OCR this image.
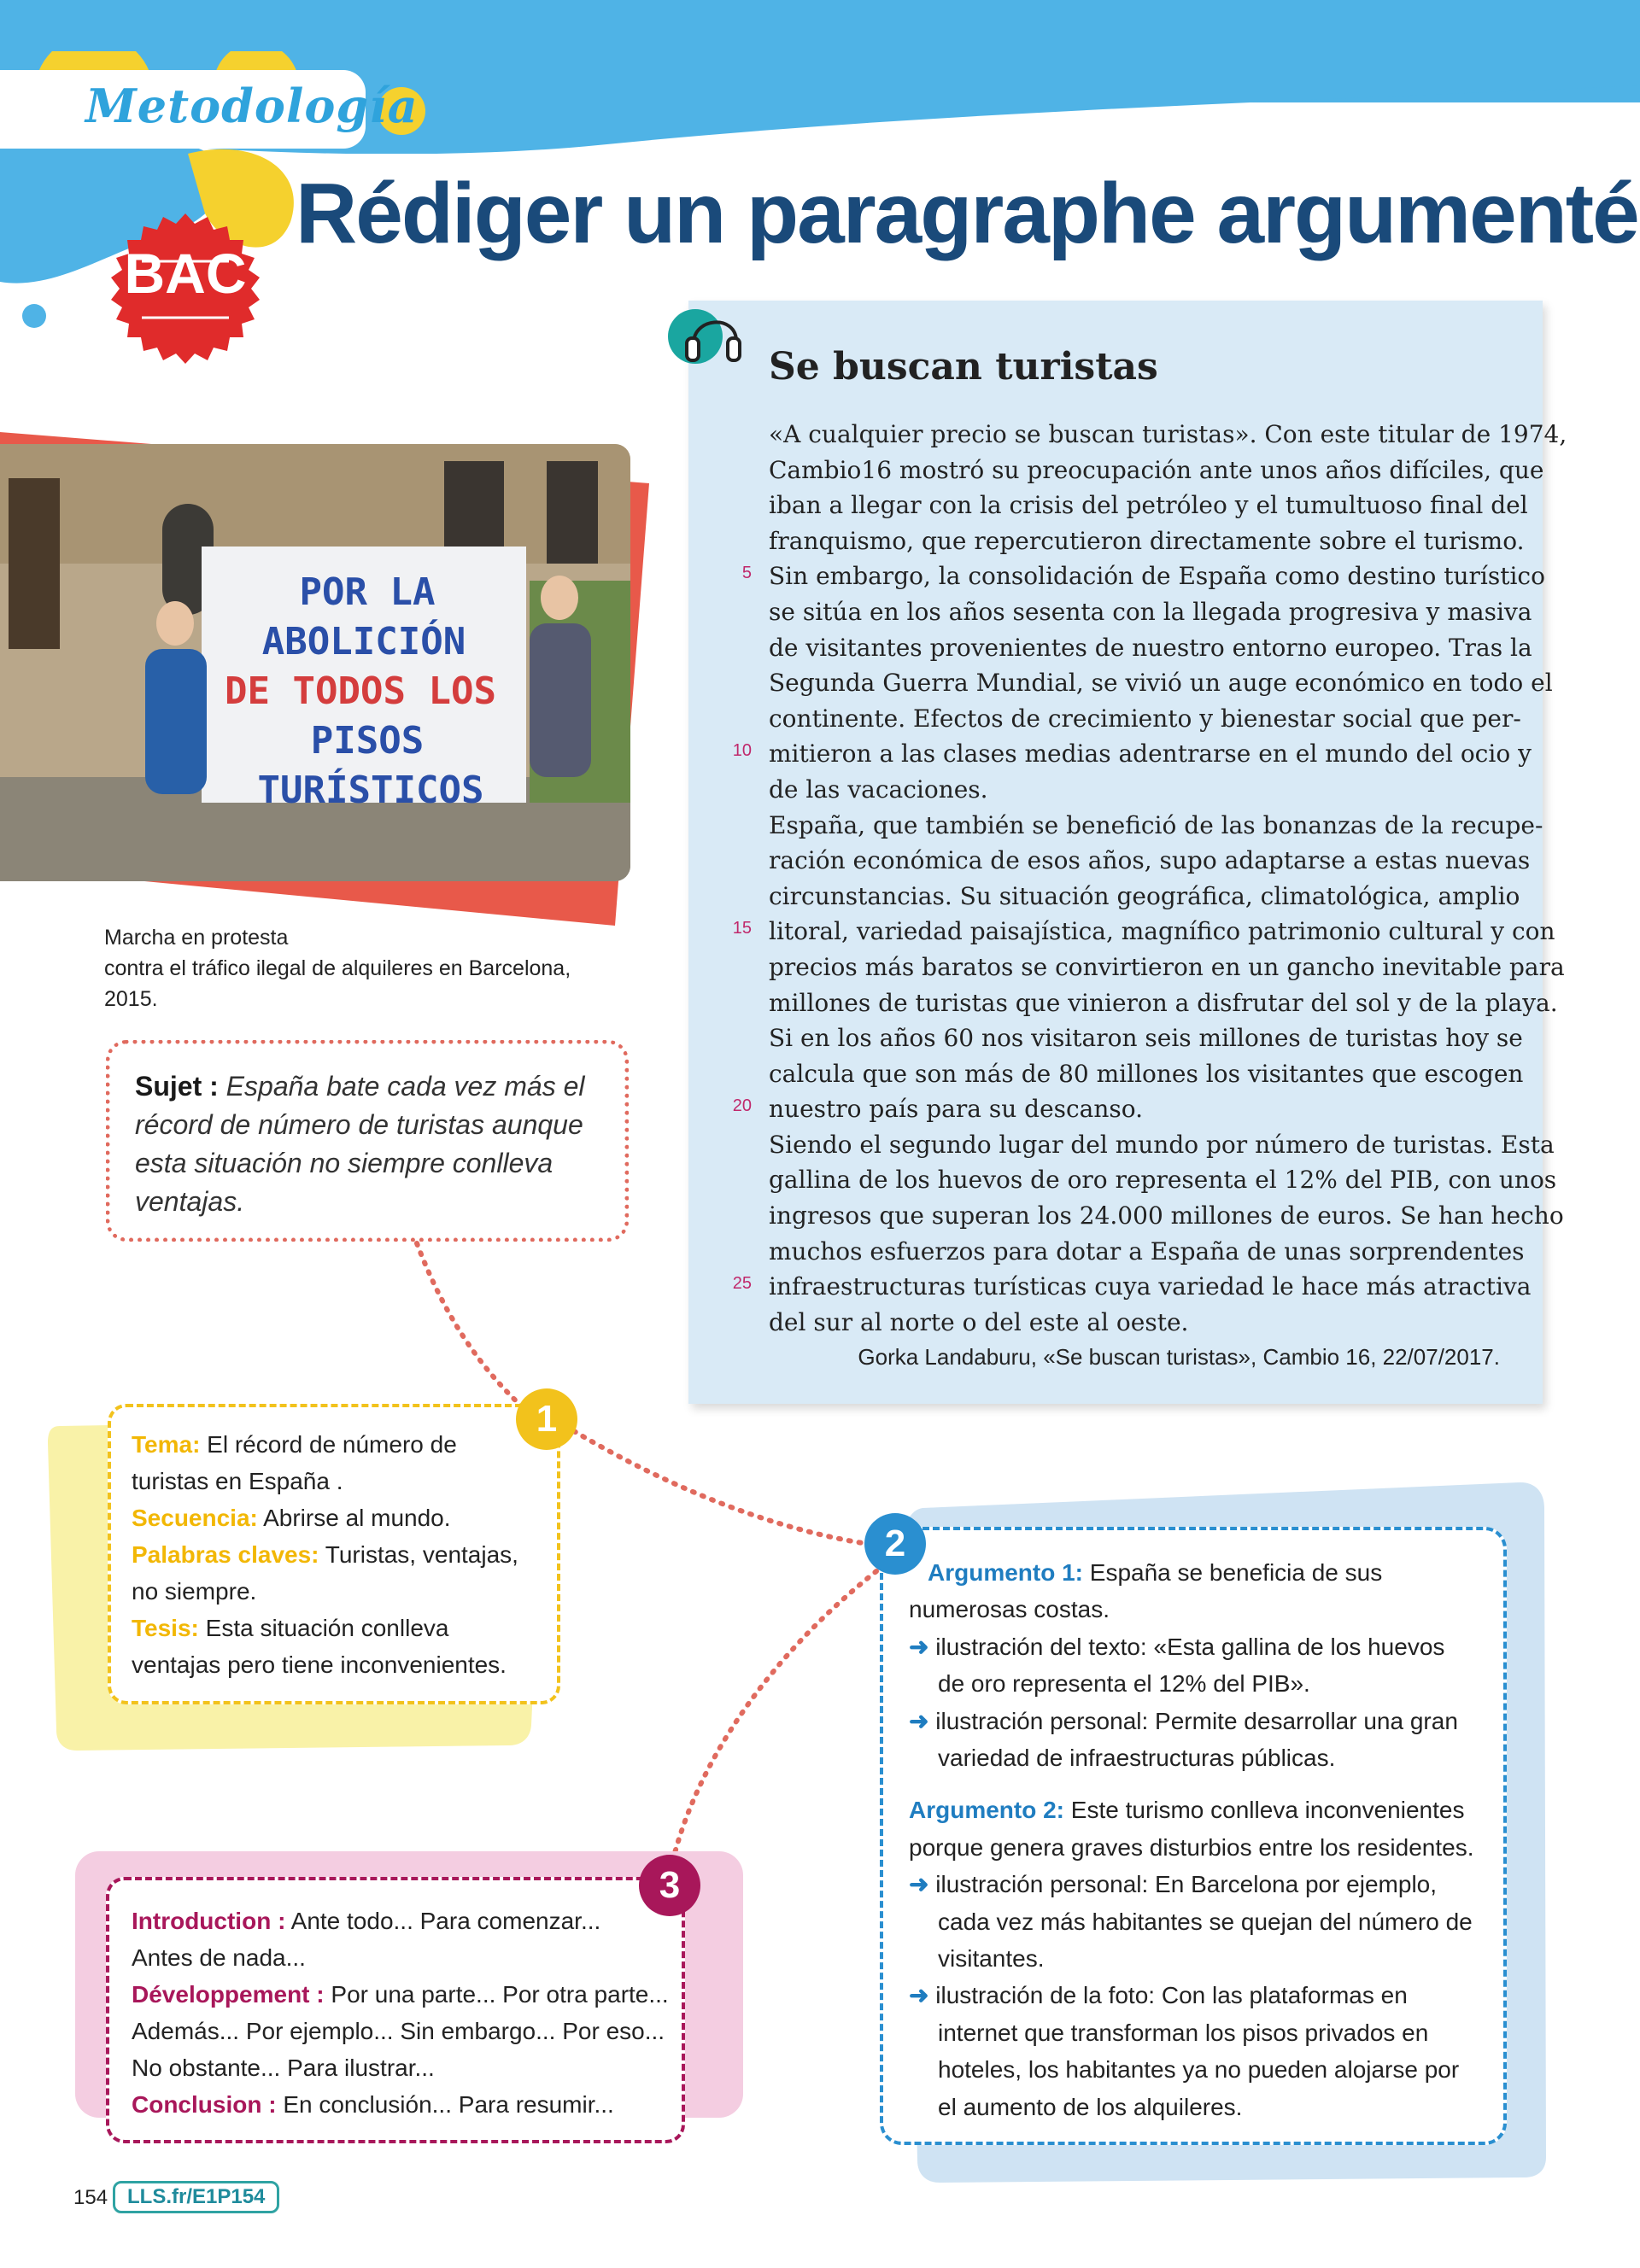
Metodología
BAC
Rédiger un paragraphe argumenté
POR LA
ABOLICIÓN
DE TODOS LOS
PISOS
TURÍSTICOS
Marcha en protesta
contra el tráfico ilegal de alquileres en Barcelona,
2015.
Sujet : España bate cada vez más el récord de número de turistas aunque esta situación no siempre conlleva ventajas.
Se buscan turistas
5
10
15
20
25
«A cualquier precio se buscan turistas». Con este titular de 1974,
Cambio16 mostró su preocupación ante unos años difíciles, que
iban a llegar con la crisis del petróleo y el tumultuoso final del
franquismo, que repercutieron directamente sobre el turismo.
Sin embargo, la consolidación de España como destino turístico
se sitúa en los años sesenta con la llegada progresiva y masiva
de visitantes provenientes de nuestro entorno europeo. Tras la
Segunda Guerra Mundial, se vivió un auge económico en todo el
continente. Efectos de crecimiento y bienestar social que per-
mitieron a las clases medias adentrarse en el mundo del ocio y
de las vacaciones.
España, que también se benefició de las bonanzas de la recupe-
ración económica de esos años, supo adaptarse a estas nuevas
circunstancias. Su situación geográfica, climatológica, amplio
litoral, variedad paisajística, magnífico patrimonio cultural y con
precios más baratos se convirtieron en un gancho inevitable para
millones de turistas que vinieron a disfrutar del sol y de la playa.
Si en los años 60 nos visitaron seis millones de turistas hoy se
calcula que son más de 80 millones los visitantes que escogen
nuestro país para su descanso.
Siendo el segundo lugar del mundo por número de turistas. Esta
gallina de los huevos de oro representa el 12% del PIB, con unos
ingresos que superan los 24.000 millones de euros. Se han hecho
muchos esfuerzos para dotar a España de unas sorprendentes
infraestructuras turísticas cuya variedad le hace más atractiva
del sur al norte o del este al oeste.
Gorka Landaburu, «Se buscan turistas», Cambio 16, 22/07/2017.
1
Tema: El récord de número de
turistas en España .
Secuencia: Abrirse al mundo.
Palabras claves: Turistas, ventajas,
no siempre.
Tesis: Esta situación conlleva
ventajas pero tiene inconvenientes.
2
Argumento 1: España se beneficia de sus
numerosas costas.
➜ ilustración del texto: «Esta gallina de los huevos
de oro representa el 12% del PIB».
➜ ilustración personal: Permite desarrollar una gran
variedad de infraestructuras públicas.
Argumento 2: Este turismo conlleva inconvenientes
porque genera graves disturbios entre los residentes.
➜ ilustración personal: En Barcelona por ejemplo,
cada vez más habitantes se quejan del número de
visitantes.
➜ ilustración de la foto: Con las plataformas en
internet que transforman los pisos privados en
hoteles, los habitantes ya no pueden alojarse por
el aumento de los alquileres.
3
Introduction : Ante todo... Para comenzar...
Antes de nada...
Développement : Por una parte... Por otra parte...
Además... Por ejemplo... Sin embargo... Por eso...
No obstante... Para ilustrar...
Conclusion : En conclusión... Para resumir...
154 LLS.fr/E1P154
